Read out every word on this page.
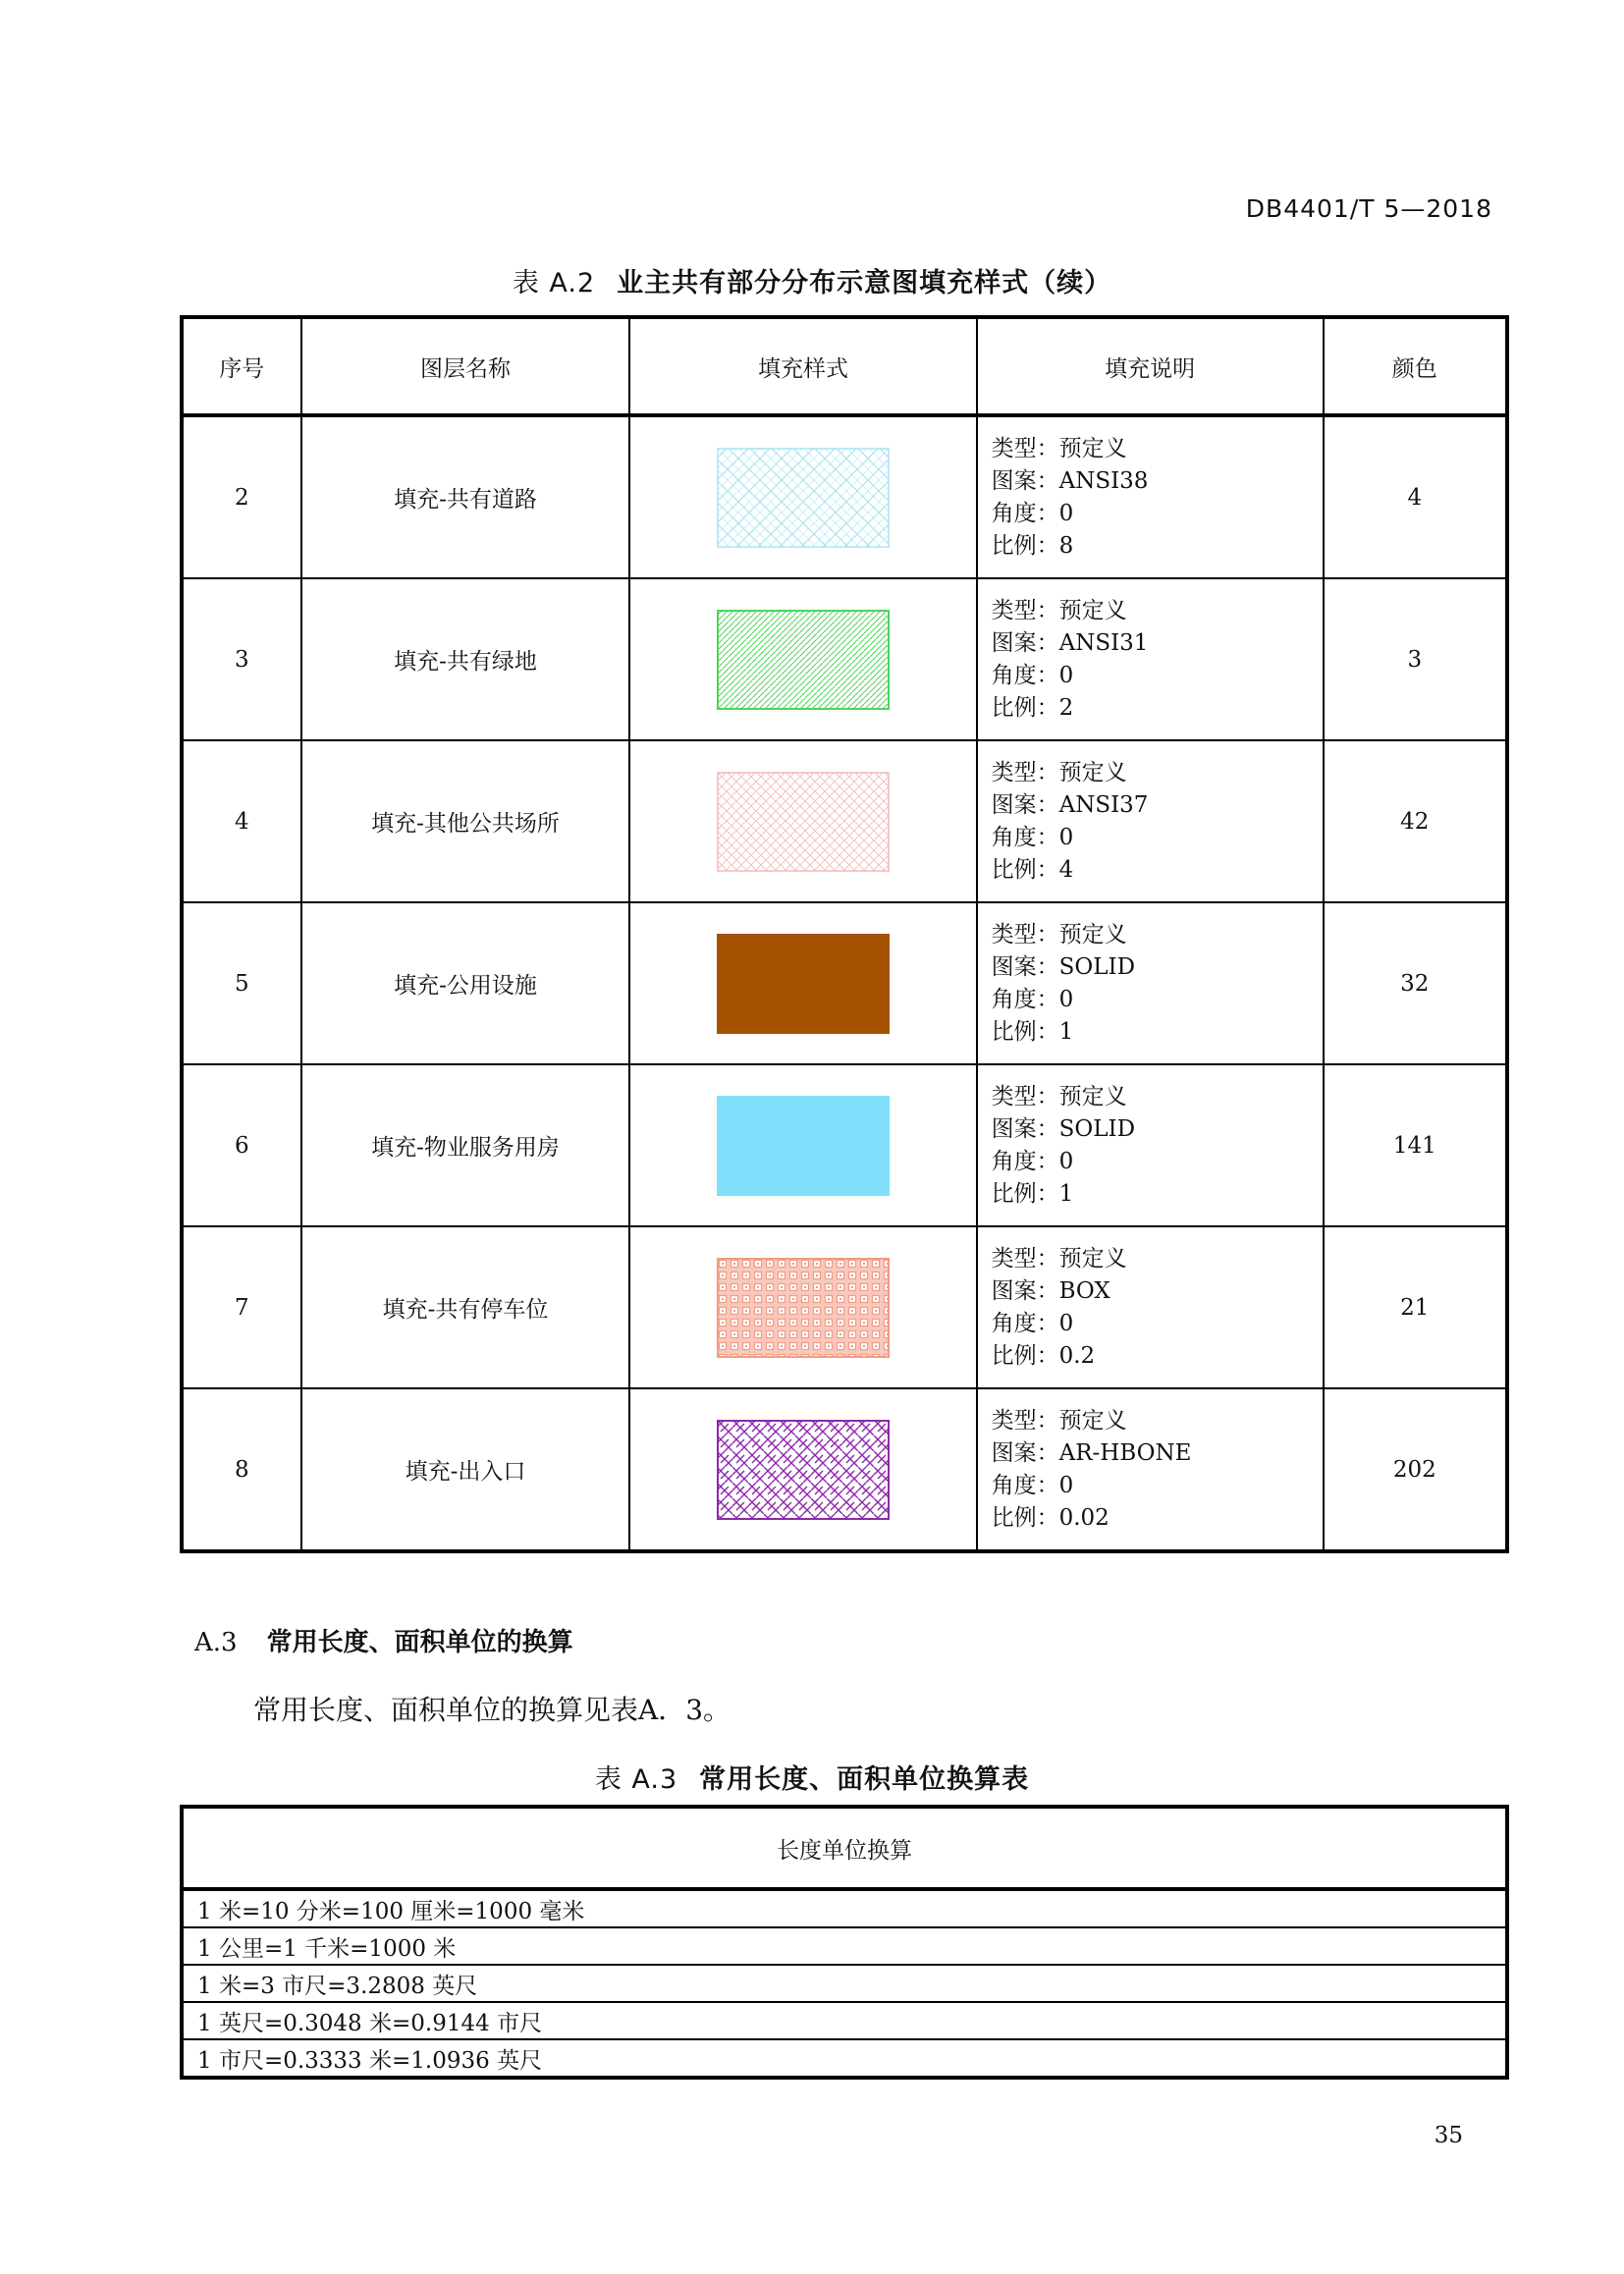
DB4401/T 5—2018
表 A.2 业主共有部分分布示意图填充样式（续）
序号	图层名称	填充样式	填充说明	颜色
2	填充-共有道路		类型：预定义
图案：ANSI38
角度：0
比例：8	4
3	填充-共有绿地		类型：预定义
图案：ANSI31
角度：0
比例：2	3
4	填充-其他公共场所		类型：预定义
图案：ANSI37
角度：0
比例：4	42
5	填充-公用设施		类型：预定义
图案：SOLID
角度：0
比例：1	32
6	填充-物业服务用房		类型：预定义
图案：SOLID
角度：0
比例：1	141
7	填充-共有停车位		类型：预定义
图案：BOX
角度：0
比例：0.2	21
8	填充-出入口		类型：预定义
图案：AR-HBONE
角度：0
比例：0.02	202
A.3 常用长度、面积单位的换算
常用长度、面积单位的换算见表A．3。
表 A.3 常用长度、面积单位换算表
长度单位换算
1 米=10 分米=100 厘米=1000 毫米
1 公里=1 千米=1000 米
1 米=3 市尺=3.2808 英尺
1 英尺=0.3048 米=0.9144 市尺
1 市尺=0.3333 米=1.0936 英尺
35
